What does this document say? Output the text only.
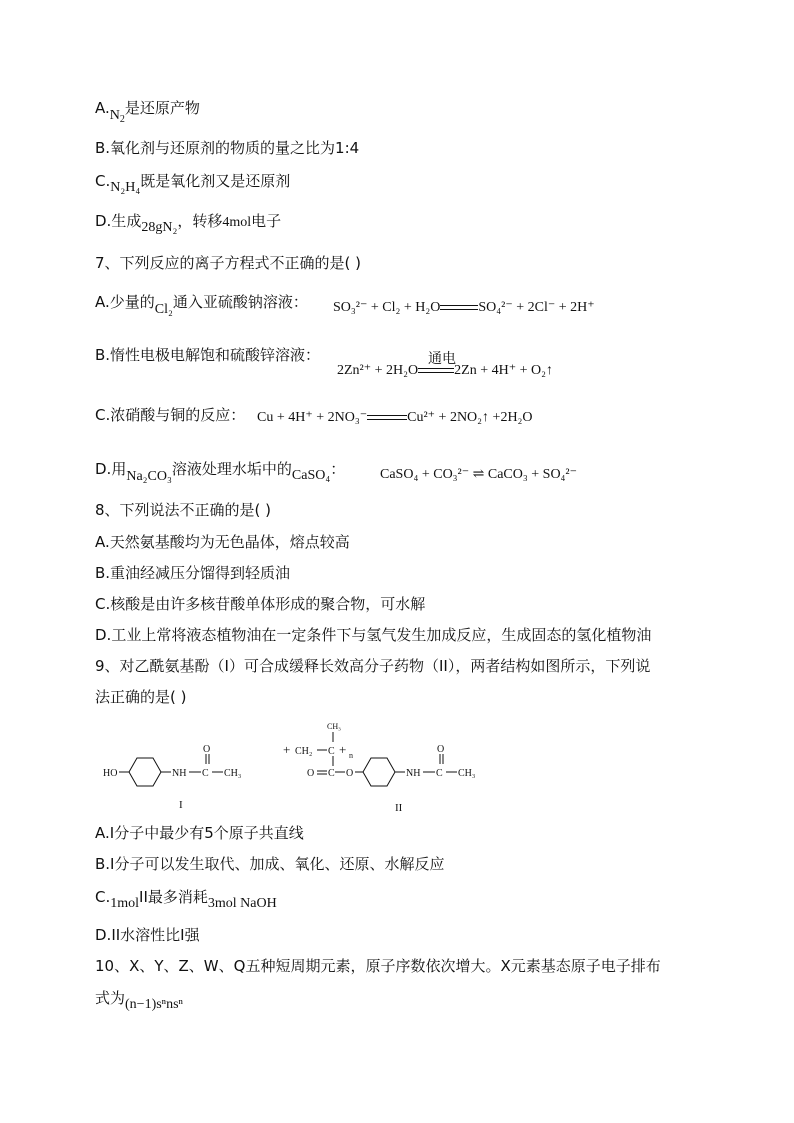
$A.N_2$是还原产物
B.氧化剂与还原剂的物质的量之比为1:4
C.N₂H₄既是氧化剂又是还原剂
D.生成28gN₂，转移4mol电子
7、下列反应的离子方程式不正确的是( )
A.少量的Cl₂通入亚硫酸钠溶液： SO₃²⁻ + Cl₂ + H₂O	SO₄²⁻ + 2Cl⁻ + 2H⁺
B.惰性电极电解饱和硫酸锌溶液：	通电
2Zn²⁺ + 2H₂O	2Zn + 4H⁺ + O₂↑
C.浓硝酸与铜的反应： Cu + 4H⁺ + 2NO₃⁻	Cu²⁺ + 2NO₂↑ +2H₂O
D.用Na₂CO₃溶液处理水垢中的CaSO₄： CaSO₄ + CO₃²⁻ ⇌ CaCO₃ + SO₄²⁻
8、下列说法不正确的是( )
A.天然氨基酸均为无色晶体，熔点较高
B.重油经减压分馏得到轻质油
C.核酸是由许多核苷酸单体形成的聚合物，可水解
D.工业上常将液态植物油在一定条件下与氢气发生加成反应，生成固态的氢化植物油
9、对乙酰氨基酚（I）可合成缓释长效高分子药物（II），两者结构如图所示，下列说
法正确的是( )
HO	NH C
O
CH₃
I
+ CH₂ C
CH₃
+ n
O C O	NH C
O
CH₃
II
A.I分子中最少有5个原子共直线
B.I分子可以发生取代、加成、氧化、还原、水解反应
C.1molII最多消耗3mol NaOH
D.II水溶性比I强
10、X、Y、Z、W、Q五种短周期元素，原子序数依次增大。X元素基态原子电子排布
式为(n−1)sⁿnsⁿ
